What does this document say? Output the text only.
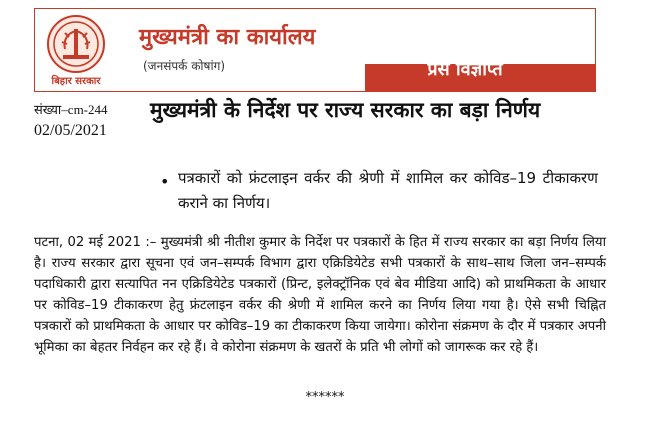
बिहार सरकार
मुख्यमंत्री का कार्यालय
(जनसंपर्क कोषांग)	प्रेस विज्ञप्ति
संख्या–cm-244
02/05/2021
मुख्यमंत्री के निर्देश पर राज्य सरकार का बड़ा निर्णय
• पत्रकारों को फ्रंटलाइन वर्कर की श्रेणी में शामिल कर कोविड–19 टीकाकरण कराने का निर्णय।
पटना, 02 मई 2021 :– मुख्यमंत्री श्री नीतीश कुमार के निर्देश पर पत्रकारों के हित में राज्य सरकार का बड़ा निर्णय लिया है। राज्य सरकार द्वारा सूचना एवं जन–सम्पर्क विभाग द्वारा एक्रिडियेटेड सभी पत्रकारों के साथ–साथ जिला जन–सम्पर्क पदाधिकारी द्वारा सत्यापित नन एक्रिडियेटेड पत्रकारों (प्रिन्ट, इलेक्ट्रॉनिक एवं बेव मीडिया आदि) को प्राथमिकता के आधार पर कोविड–19 टीकाकरण हेतु फ्रंटलाइन वर्कर की श्रेणी में शामिल करने का निर्णय लिया गया है। ऐसे सभी चिह्नित पत्रकारों को प्राथमिकता के आधार पर कोविड–19 का टीकाकरण किया जायेगा। कोरोना संक्रमण के दौर में पत्रकार अपनी भूमिका का बेहतर निर्वहन कर रहे हैं। वे कोरोना संक्रमण के खतरों के प्रति भी लोगों को जागरूक कर रहे हैं।
******
